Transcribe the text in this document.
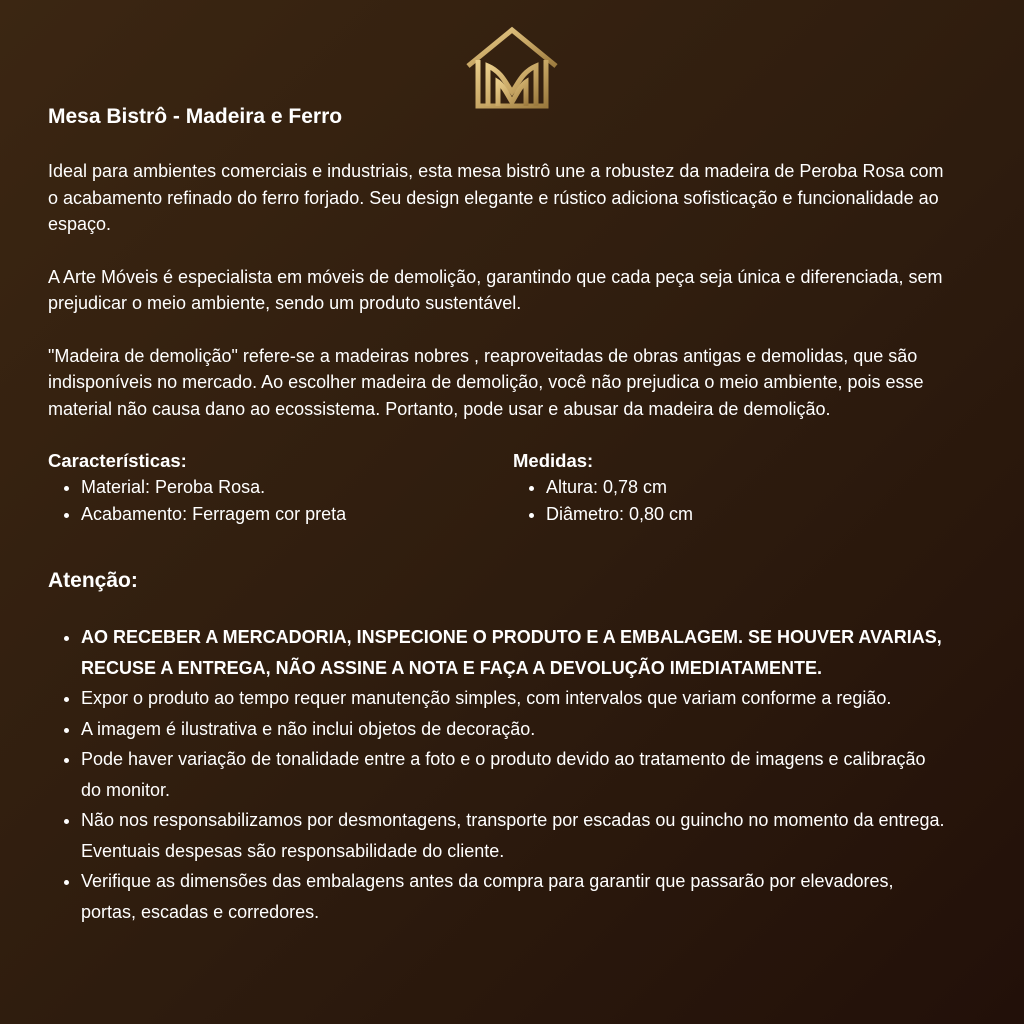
Mesa Bistrô - Madeira e Ferro

Ideal para ambientes comerciais e industriais, esta mesa bistrô une a robustez da madeira de Peroba Rosa com o acabamento refinado do ferro forjado. Seu design elegante e rústico adiciona sofisticação e funcionalidade ao espaço.

A Arte Móveis é especialista em móveis de demolição, garantindo que cada peça seja única e diferenciada, sem prejudicar o meio ambiente, sendo um produto sustentável.

"Madeira de demolição" refere-se a madeiras nobres , reaproveitadas de obras antigas e demolidas, que são indisponíveis no mercado. Ao escolher madeira de demolição, você não prejudica o meio ambiente, pois esse material não causa dano ao ecossistema. Portanto, pode usar e abusar da madeira de demolição.

Características:
• Material: Peroba Rosa.
• Acabamento: Ferragem cor preta
Medidas:
• Altura: 0,78 cm
• Diâmetro: 0,80 cm
Atenção:
• AO RECEBER A MERCADORIA, INSPECIONE O PRODUTO E A EMBALAGEM. SE HOUVER AVARIAS, RECUSE A ENTREGA, NÃO ASSINE A NOTA E FAÇA A DEVOLUÇÃO IMEDIATAMENTE.
• Expor o produto ao tempo requer manutenção simples, com intervalos que variam conforme a região.
• A imagem é ilustrativa e não inclui objetos de decoração.
• Pode haver variação de tonalidade entre a foto e o produto devido ao tratamento de imagens e calibração do monitor.
• Não nos responsabilizamos por desmontagens, transporte por escadas ou guincho no momento da entrega. Eventuais despesas são responsabilidade do cliente.
• Verifique as dimensões das embalagens antes da compra para garantir que passarão por elevadores, portas, escadas e corredores.
